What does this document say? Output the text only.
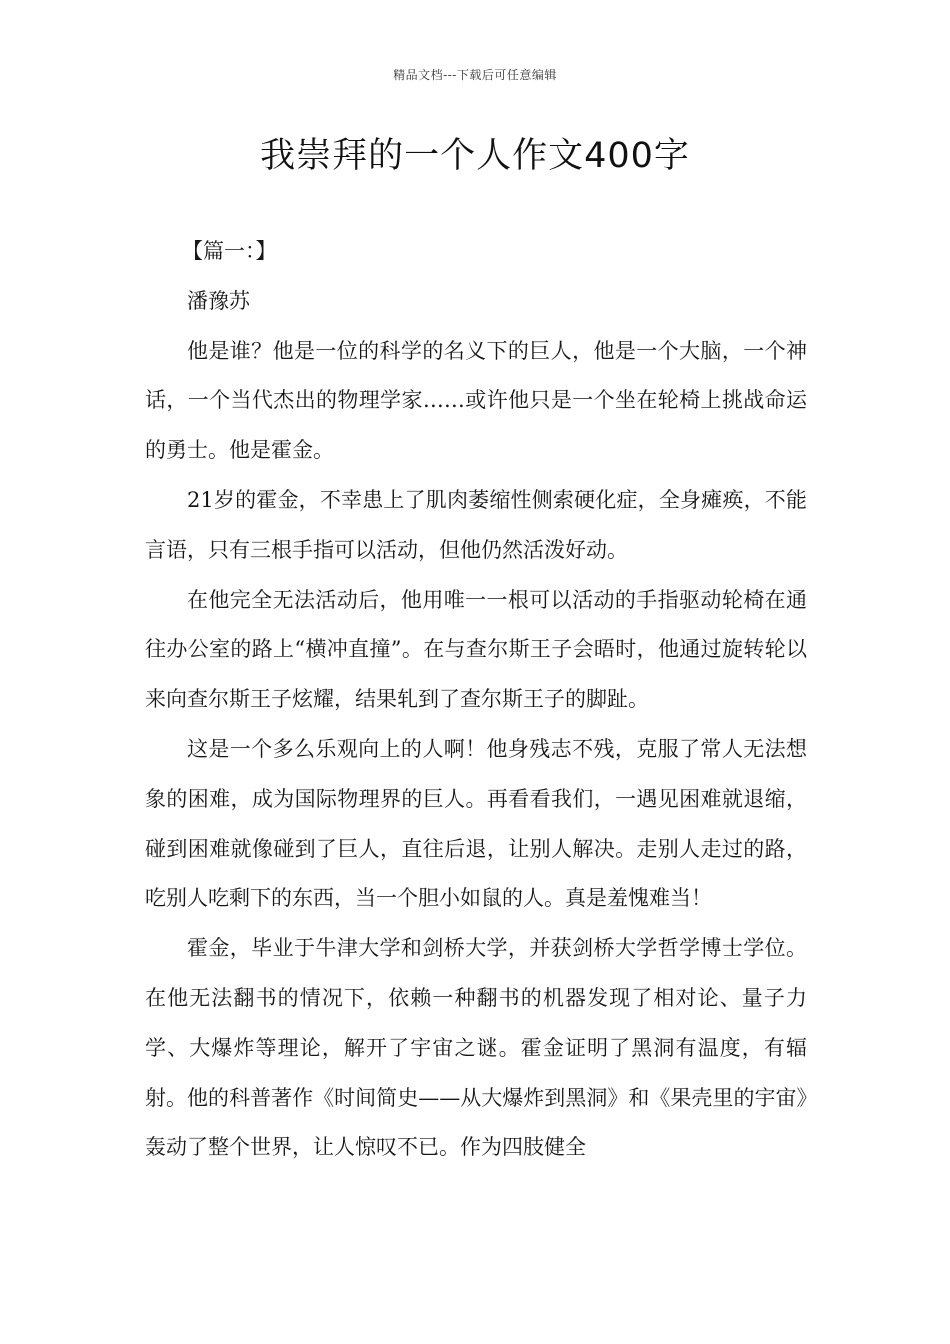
精品文档---下载后可任意编辑
我崇拜的一个人作文400字
【篇一：】

潘豫苏

他是谁？他是一位的科学的名义下的巨人，他是一个大脑，一个神话，一个当代杰出的物理学家……或许他只是一个坐在轮椅上挑战命运的勇士。他是霍金。

21岁的霍金，不幸患上了肌肉萎缩性侧索硬化症，全身瘫痪，不能言语，只有三根手指可以活动，但他仍然活泼好动。

在他完全无法活动后，他用唯一一根可以活动的手指驱动轮椅在通往办公室的路上“横冲直撞”。在与查尔斯王子会晤时，他通过旋转轮以来向查尔斯王子炫耀，结果轧到了查尔斯王子的脚趾。

这是一个多么乐观向上的人啊！他身残志不残，克服了常人无法想象的困难，成为国际物理界的巨人。再看看我们，一遇见困难就退缩，碰到困难就像碰到了巨人，直往后退，让别人解决。走别人走过的路，吃别人吃剩下的东西，当一个胆小如鼠的人。真是羞愧难当！

霍金，毕业于牛津大学和剑桥大学，并获剑桥大学哲学博士学位。在他无法翻书的情况下，依赖一种翻书的机器发现了相对论、量子力学、大爆炸等理论，解开了宇宙之谜。霍金证明了黑洞有温度，有辐射。他的科普著作《时间简史——从大爆炸到黑洞》和《果壳里的宇宙》轰动了整个世界，让人惊叹不已。作为四肢健全
